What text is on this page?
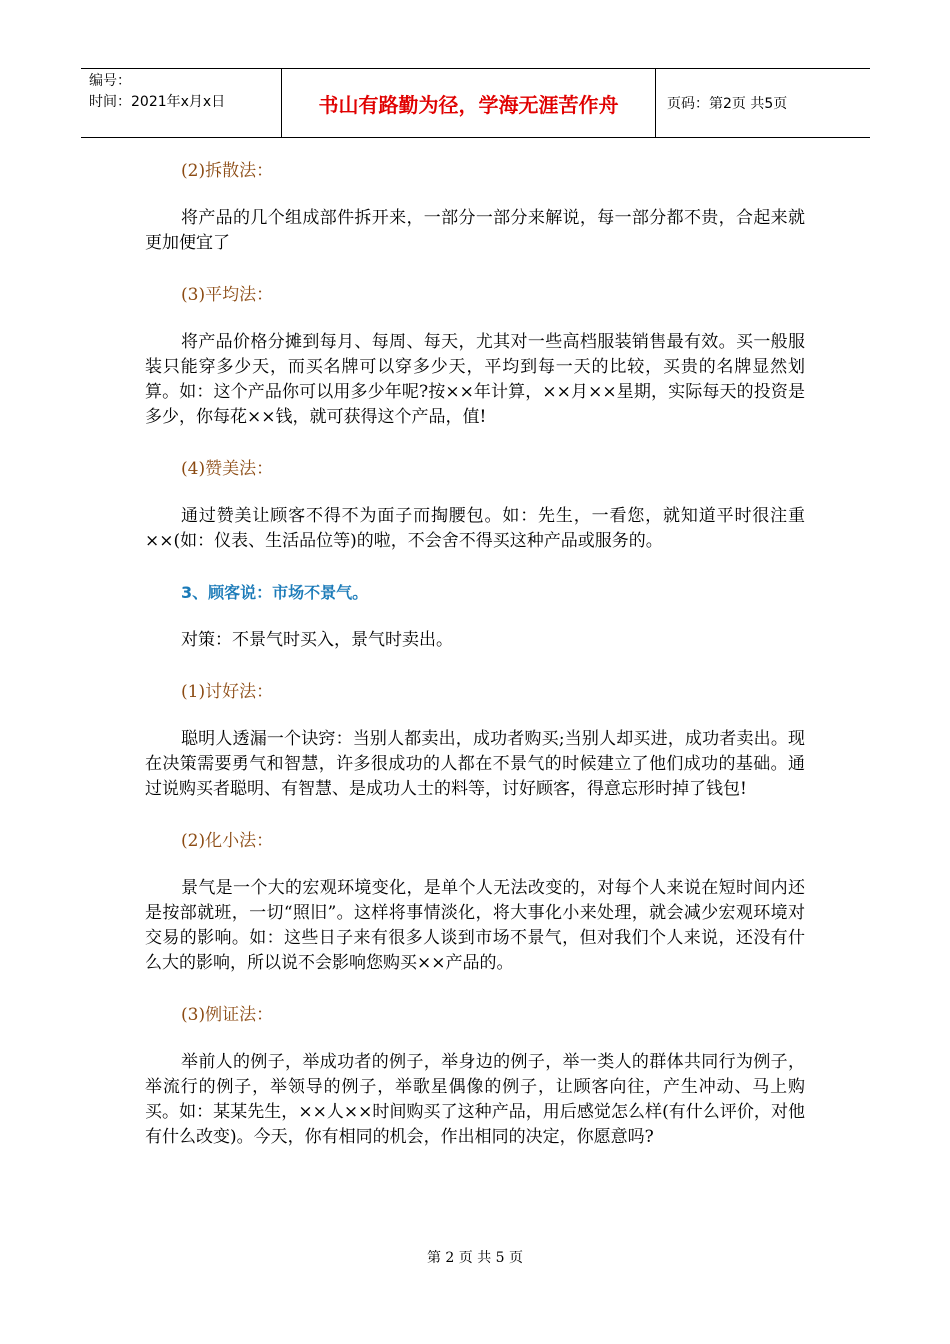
编号：
时间：2021年x月x日	书山有路勤为径，学海无涯苦作舟	页码：第2页 共5页
(2)拆散法：

将产品的几个组成部件拆开来，一部分一部分来解说，每一部分都不贵，合起来就更加便宜了

(3)平均法：

将产品价格分摊到每月、每周、每天，尤其对一些高档服装销售最有效。买一般服装只能穿多少天，而买名牌可以穿多少天，平均到每一天的比较，买贵的名牌显然划算。如：这个产品你可以用多少年呢?按××年计算，××月××星期，实际每天的投资是多少，你每花××钱，就可获得这个产品，值!

(4)赞美法：

通过赞美让顾客不得不为面子而掏腰包。如：先生，一看您，就知道平时很注重××(如：仪表、生活品位等)的啦，不会舍不得买这种产品或服务的。

3、顾客说：市场不景气。

对策：不景气时买入，景气时卖出。

(1)讨好法：

聪明人透漏一个诀窍：当别人都卖出，成功者购买;当别人却买进，成功者卖出。现在决策需要勇气和智慧，许多很成功的人都在不景气的时候建立了他们成功的基础。通过说购买者聪明、有智慧、是成功人士的料等，讨好顾客，得意忘形时掉了钱包!

(2)化小法：

景气是一个大的宏观环境变化，是单个人无法改变的，对每个人来说在短时间内还是按部就班，一切“照旧”。这样将事情淡化，将大事化小来处理，就会减少宏观环境对交易的影响。如：这些日子来有很多人谈到市场不景气，但对我们个人来说，还没有什么大的影响，所以说不会影响您购买××产品的。

(3)例证法：

举前人的例子，举成功者的例子，举身边的例子，举一类人的群体共同行为例子，举流行的例子，举领导的例子，举歌星偶像的例子，让顾客向往，产生冲动、马上购买。如：某某先生，××人××时间购买了这种产品，用后感觉怎么样(有什么评价，对他有什么改变)。今天，你有相同的机会，作出相同的决定，你愿意吗?

第 2 页 共 5 页
